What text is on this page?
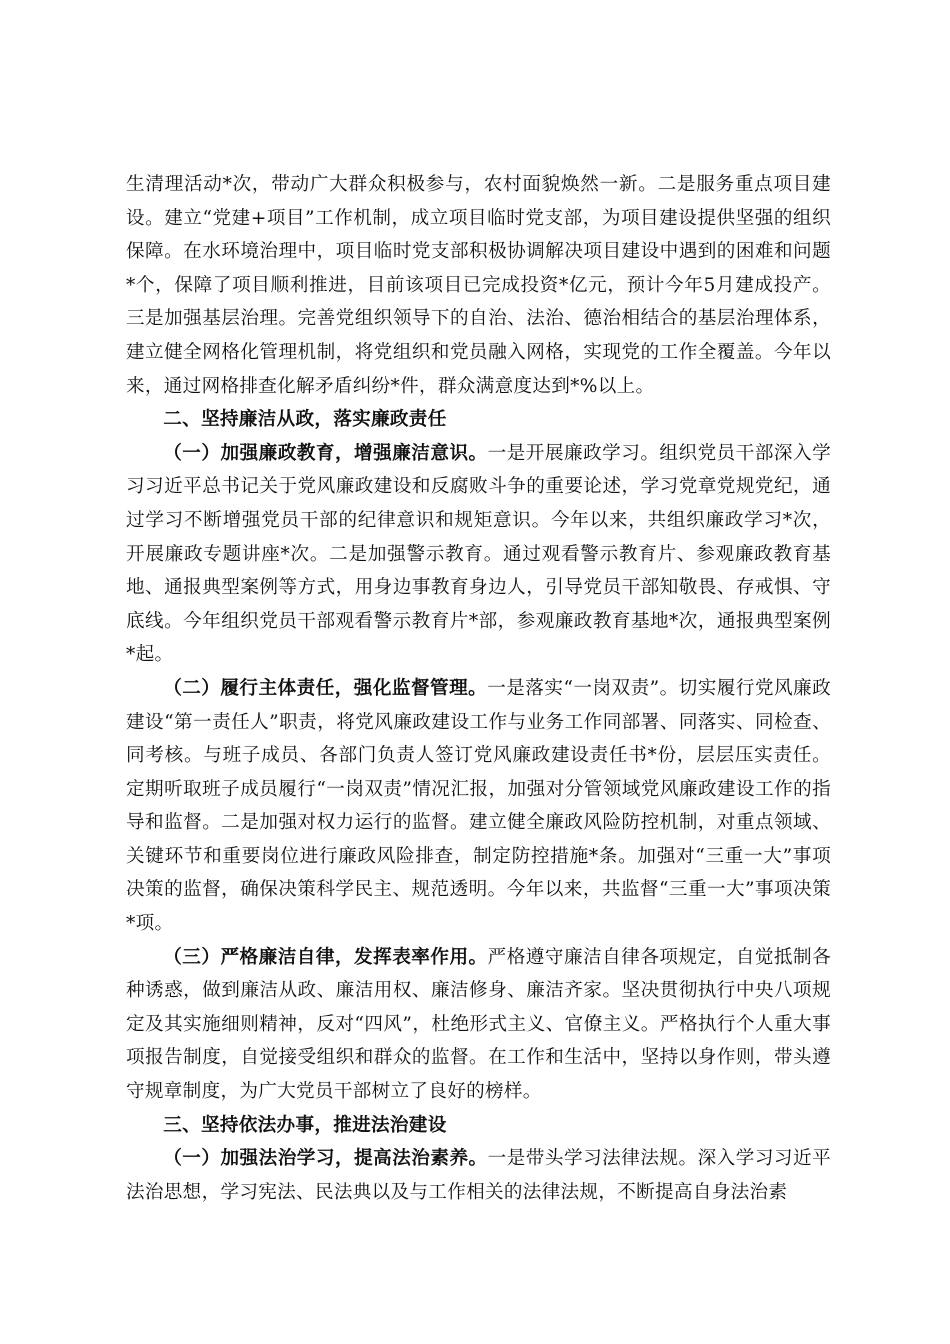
生清理活动*次，带动广大群众积极参与，农村面貌焕然一新。二是服务重点项目建设。建立“党建+项目”工作机制，成立项目临时党支部，为项目建设提供坚强的组织保障。在水环境治理中，项目临时党支部积极协调解决项目建设中遇到的困难和问题*个，保障了项目顺利推进，目前该项目已完成投资*亿元，预计今年5月建成投产。三是加强基层治理。完善党组织领导下的自治、法治、德治相结合的基层治理体系，建立健全网格化管理机制，将党组织和党员融入网格，实现党的工作全覆盖。今年以来，通过网格排查化解矛盾纠纷*件，群众满意度达到*%以上。

二、坚持廉洁从政，落实廉政责任

（一）加强廉政教育，增强廉洁意识。一是开展廉政学习。组织党员干部深入学习习近平总书记关于党风廉政建设和反腐败斗争的重要论述，学习党章党规党纪，通过学习不断增强党员干部的纪律意识和规矩意识。今年以来，共组织廉政学习*次，开展廉政专题讲座*次。二是加强警示教育。通过观看警示教育片、参观廉政教育基地、通报典型案例等方式，用身边事教育身边人，引导党员干部知敬畏、存戒惧、守底线。今年组织党员干部观看警示教育片*部，参观廉政教育基地*次，通报典型案例*起。

（二）履行主体责任，强化监督管理。一是落实“一岗双责”。切实履行党风廉政建设“第一责任人”职责，将党风廉政建设工作与业务工作同部署、同落实、同检查、同考核。与班子成员、各部门负责人签订党风廉政建设责任书*份，层层压实责任。定期听取班子成员履行“一岗双责”情况汇报，加强对分管领域党风廉政建设工作的指导和监督。二是加强对权力运行的监督。建立健全廉政风险防控机制，对重点领域、关键环节和重要岗位进行廉政风险排查，制定防控措施*条。加强对“三重一大”事项决策的监督，确保决策科学民主、规范透明。今年以来，共监督“三重一大”事项决策*项。

（三）严格廉洁自律，发挥表率作用。严格遵守廉洁自律各项规定，自觉抵制各种诱惑，做到廉洁从政、廉洁用权、廉洁修身、廉洁齐家。坚决贯彻执行中央八项规定及其实施细则精神，反对“四风”，杜绝形式主义、官僚主义。严格执行个人重大事项报告制度，自觉接受组织和群众的监督。在工作和生活中，坚持以身作则，带头遵守规章制度，为广大党员干部树立了良好的榜样。

三、坚持依法办事，推进法治建设

（一）加强法治学习，提高法治素养。一是带头学习法律法规。深入学习习近平法治思想，学习宪法、民法典以及与工作相关的法律法规，不断提高自身法治素
